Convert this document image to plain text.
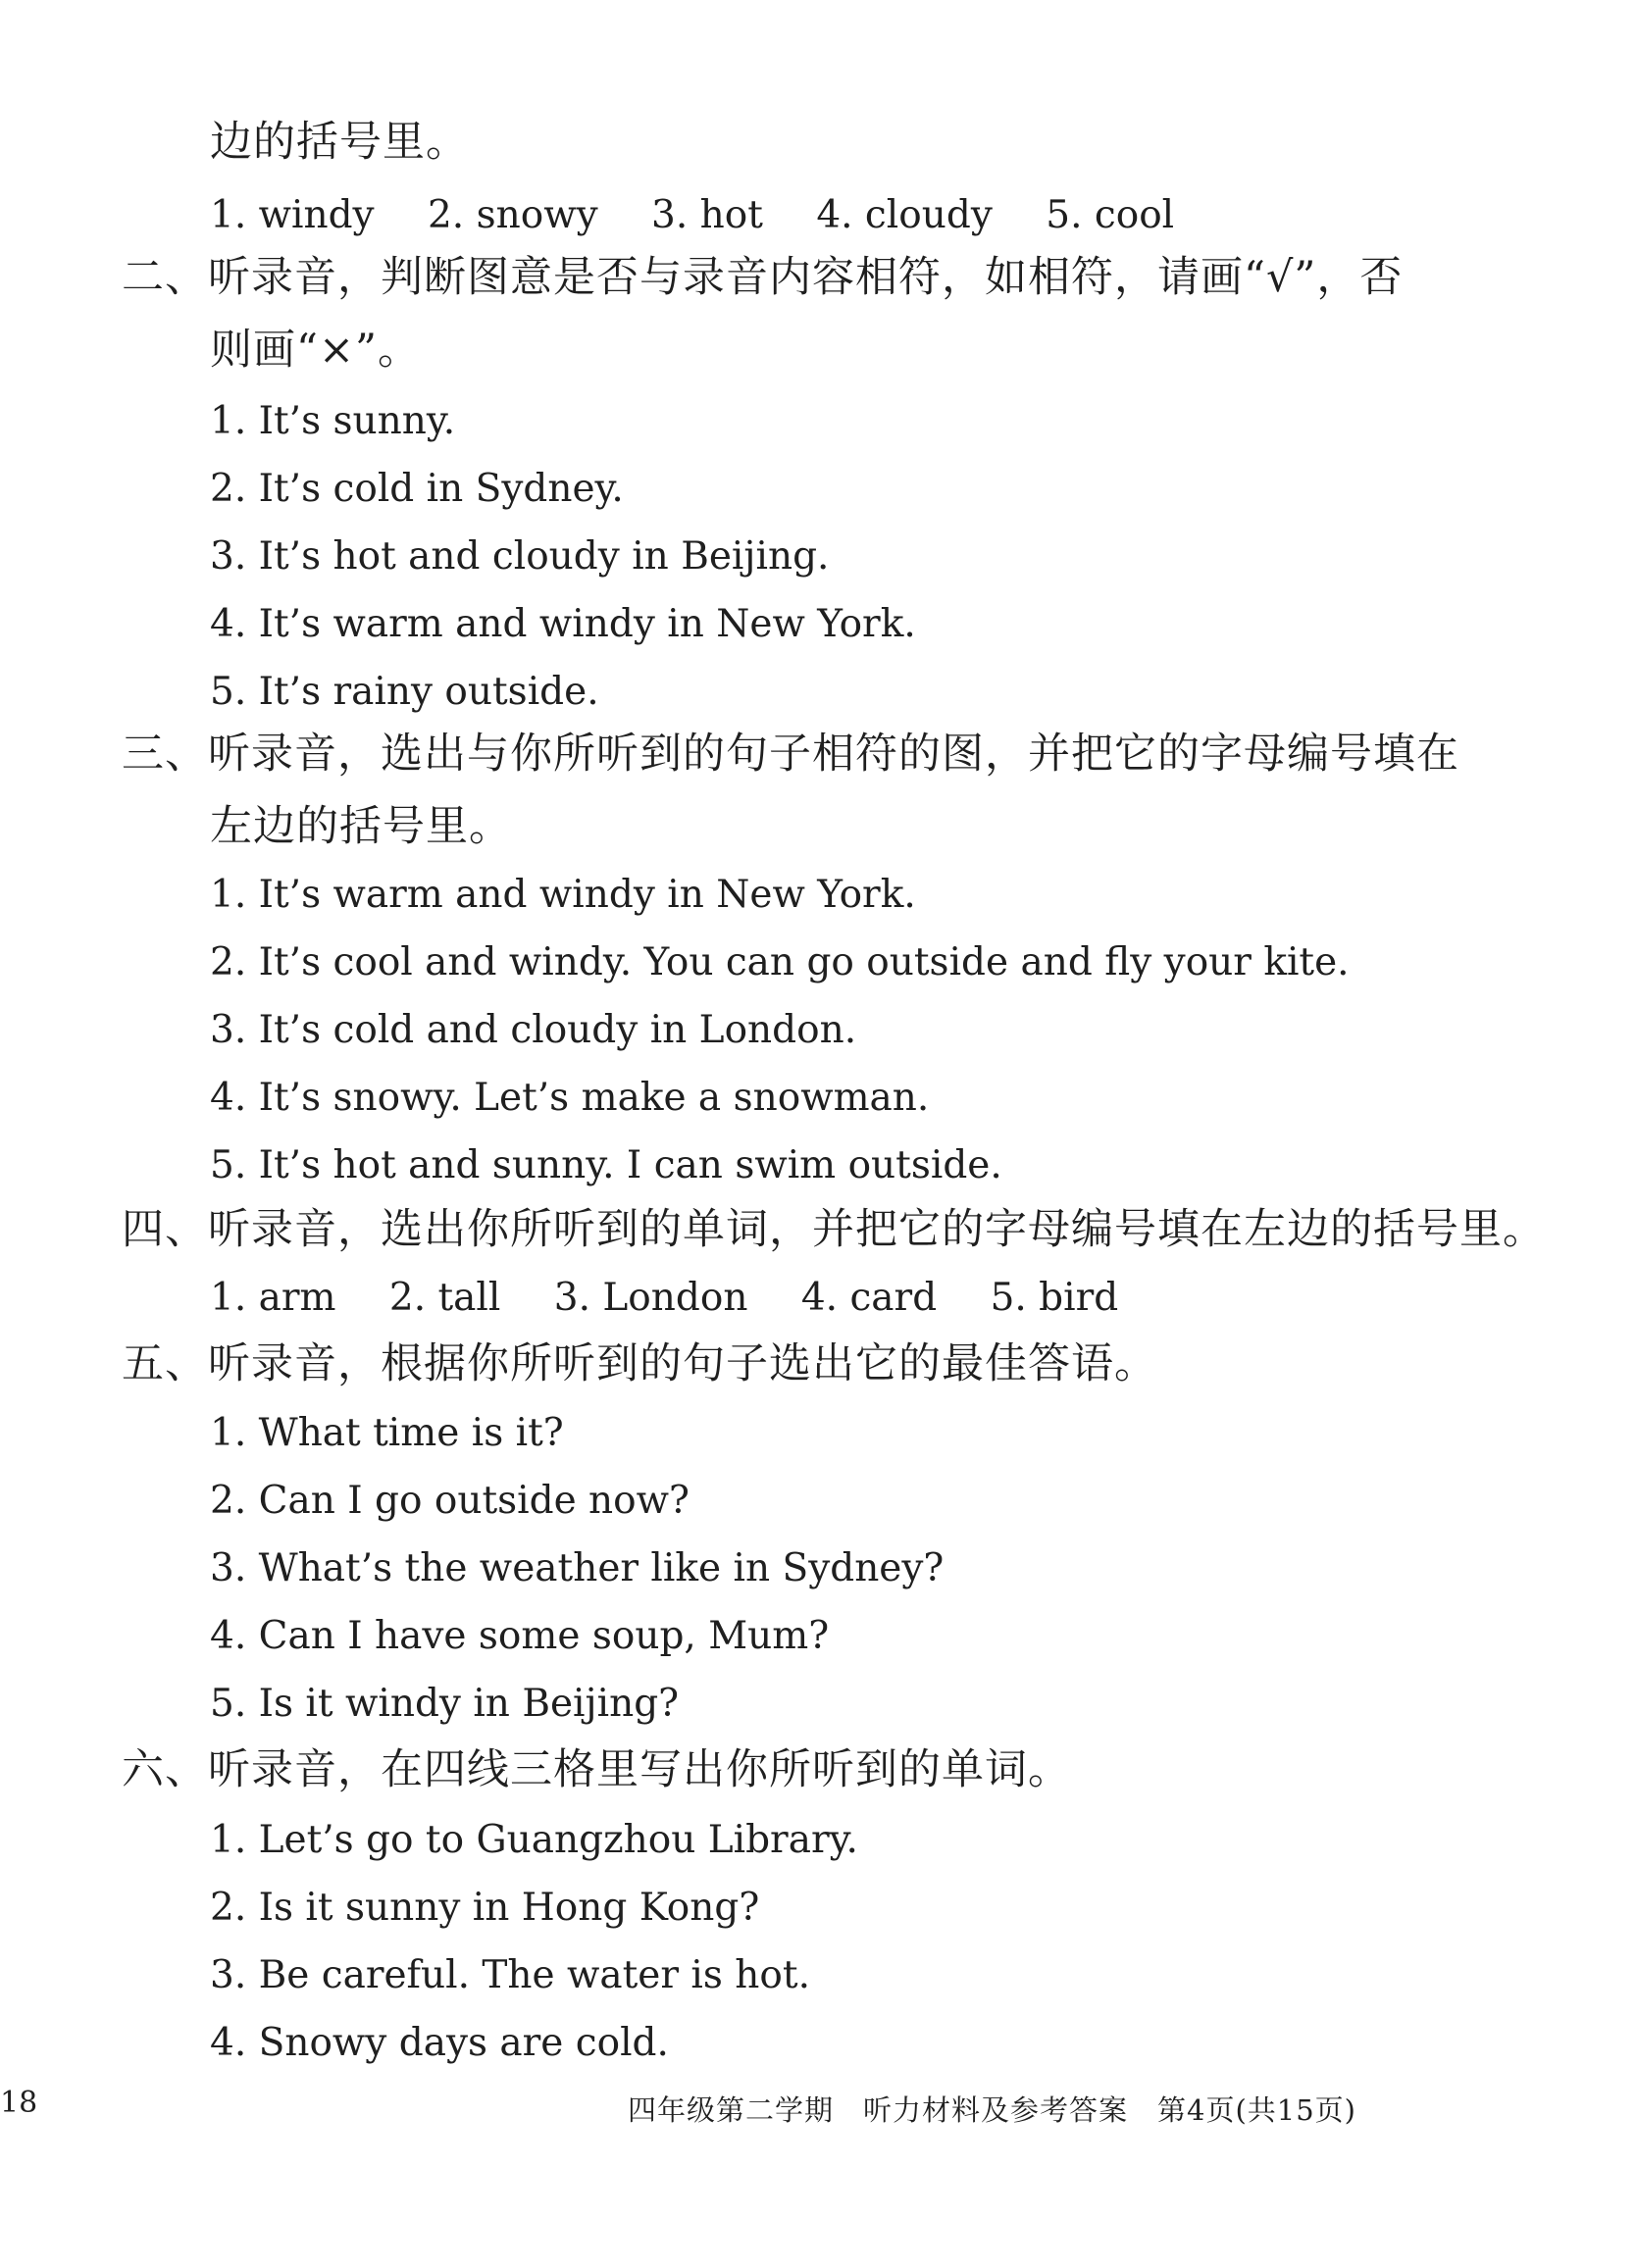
边的括号里。
1. windy 2. snowy 3. hot 4. cloudy 5. cool
二、听录音，判断图意是否与录音内容相符，如相符，请画“√”，否
则画“×”。
1. It’s sunny.
2. It’s cold in Sydney.
3. It’s hot and cloudy in Beijing.
4. It’s warm and windy in New York.
5. It’s rainy outside.
三、听录音，选出与你所听到的句子相符的图，并把它的字母编号填在
左边的括号里。
1. It’s warm and windy in New York.
2. It’s cool and windy. You can go outside and fly your kite.
3. It’s cold and cloudy in London.
4. It’s snowy. Let’s make a snowman.
5. It’s hot and sunny. I can swim outside.
四、听录音，选出你所听到的单词，并把它的字母编号填在左边的括号里。
1. arm 2. tall 3. London 4. card 5. bird
五、听录音，根据你所听到的句子选出它的最佳答语。
1. What time is it?
2. Can I go outside now?
3. What’s the weather like in Sydney?
4. Can I have some soup, Mum?
5. Is it windy in Beijing?
六、听录音，在四线三格里写出你所听到的单词。
1. Let’s go to Guangzhou Library.
2. Is it sunny in Hong Kong?
3. Be careful. The water is hot.
4. Snowy days are cold.
四年级第二学期　听力材料及参考答案　第4页(共15页)
18
